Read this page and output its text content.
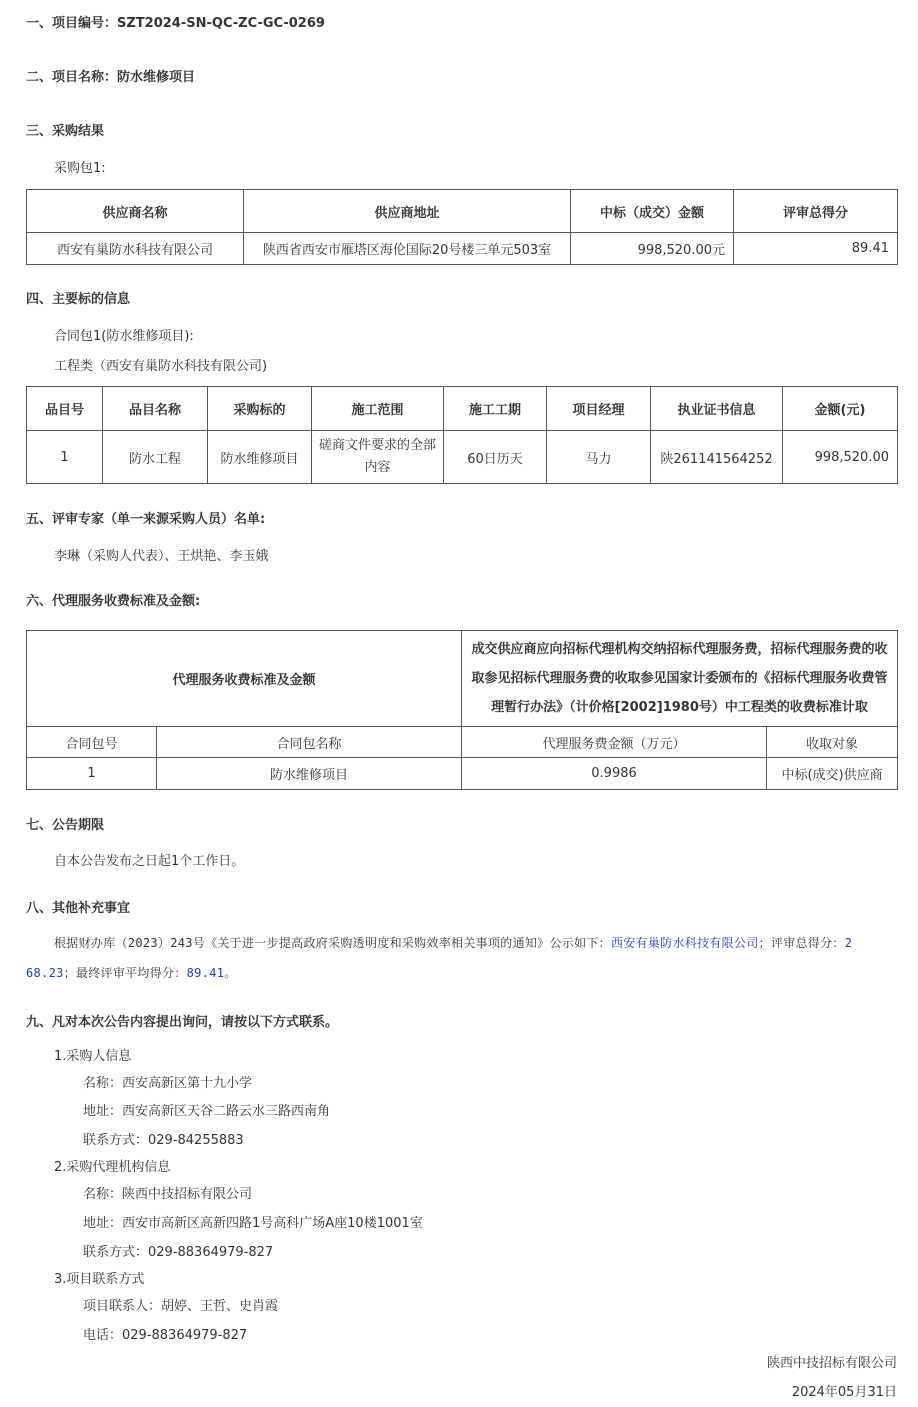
一、项目编号：SZT2024-SN-QC-ZC-GC-0269
二、项目名称：防水维修项目
三、采购结果
采购包1:
供应商名称	供应商地址	中标（成交）金额	评审总得分
西安有巢防水科技有限公司	陕西省西安市雁塔区海伦国际20号楼三单元503室	998,520.00元	89.41
四、主要标的信息
合同包1(防水维修项目):
工程类（西安有巢防水科技有限公司)
品目号	品目名称	采购标的	施工范围	施工工期	项目经理	执业证书信息	金额(元)
1	防水工程	防水维修项目	磋商文件要求的全部内容	60日历天	马力	陕261141564252	998,520.00
五、评审专家（单一来源采购人员）名单:
李琳（采购人代表）、王烘艳、李玉娥
六、代理服务收费标准及金额:
代理服务收费标准及金额		成交供应商应向招标代理机构交纳招标代理服务费，招标代理服务费的收取参见招标代理服务费的收取参见国家计委颁布的《招标代理服务收费管理暂行办法》（计价格[2002]1980号）中工程类的收费标准计取	
合同包号	合同包名称	代理服务费金额（万元）	收取对象
1	防水维修项目	0.9986	中标(成交)供应商
七、公告期限
自本公告发布之日起1个工作日。
八、其他补充事宜
根据财办库（2023）243号《关于进一步提高政府采购透明度和采购效率相关事项的通知》公示如下：西安有巢防水科技有限公司；评审总得分：2
68.23；最终评审平均得分：89.41。
九、凡对本次公告内容提出询问，请按以下方式联系。
1.采购人信息
名称：西安高新区第十九小学
地址：西安高新区天谷二路云水三路西南角
联系方式：029-84255883
2.采购代理机构信息
名称：陕西中技招标有限公司
地址：西安市高新区高新四路1号高科广场A座10楼1001室
联系方式：029-88364979-827
3.项目联系方式
项目联系人：胡婷、王哲、史肖霞
电话：029-88364979-827
陕西中技招标有限公司
2024年05月31日
